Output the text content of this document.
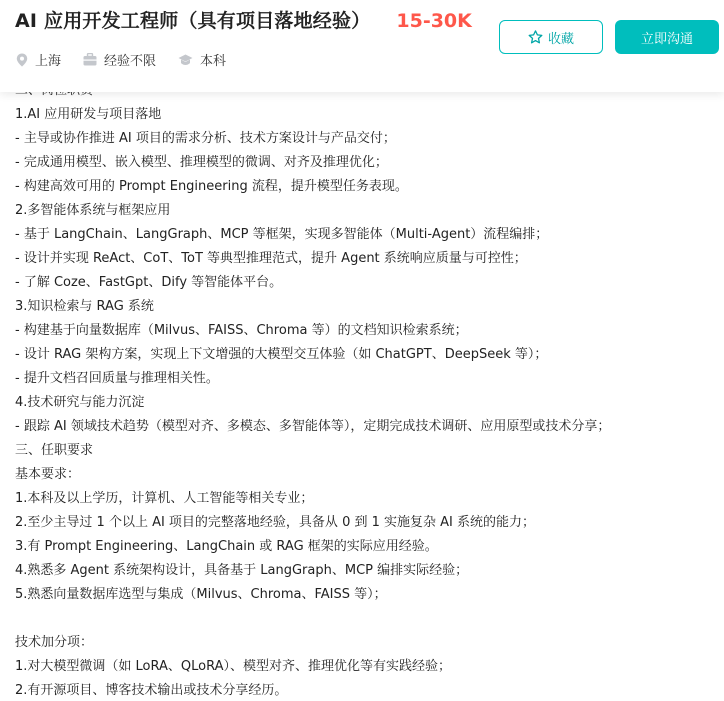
1.AI 应用研发与项目落地
- 主导或协作推进 AI 项目的需求分析、技术方案设计与产品交付；
- 完成通用模型、嵌入模型、推理模型的微调、对齐及推理优化；
- 构建高效可用的 Prompt Engineering 流程，提升模型任务表现。
2.多智能体系统与框架应用
- 基于 LangChain、LangGraph、MCP 等框架，实现多智能体（Multi-Agent）流程编排；
- 设计并实现 ReAct、CoT、ToT 等典型推理范式，提升 Agent 系统响应质量与可控性；
- 了解 Coze、FastGpt、Dify 等智能体平台。
3.知识检索与 RAG 系统
- 构建基于向量数据库（Milvus、FAISS、Chroma 等）的文档知识检索系统；
- 设计 RAG 架构方案，实现上下文增强的大模型交互体验（如 ChatGPT、DeepSeek 等）；
- 提升文档召回质量与推理相关性。
4.技术研究与能力沉淀
- 跟踪 AI 领域技术趋势（模型对齐、多模态、多智能体等），定期完成技术调研、应用原型或技术分享；
三、任职要求
基本要求：
1.本科及以上学历，计算机、人工智能等相关专业；
2.至少主导过 1 个以上 AI 项目的完整落地经验，具备从 0 到 1 实施复杂 AI 系统的能力；
3.有 Prompt Engineering、LangChain 或 RAG 框架的实际应用经验。
4.熟悉多 Agent 系统架构设计，具备基于 LangGraph、MCP 编排实际经验；
5.熟悉向量数据库选型与集成（Milvus、Chroma、FAISS 等）；
技术加分项：
1.对大模型微调（如 LoRA、QLoRA）、模型对齐、推理优化等有实践经验；
2.有开源项目、博客技术输出或技术分享经历。
AI 应用开发工程师（具有项目落地经验） 15-30K
上海	经验不限	本科
收藏	立即沟通
